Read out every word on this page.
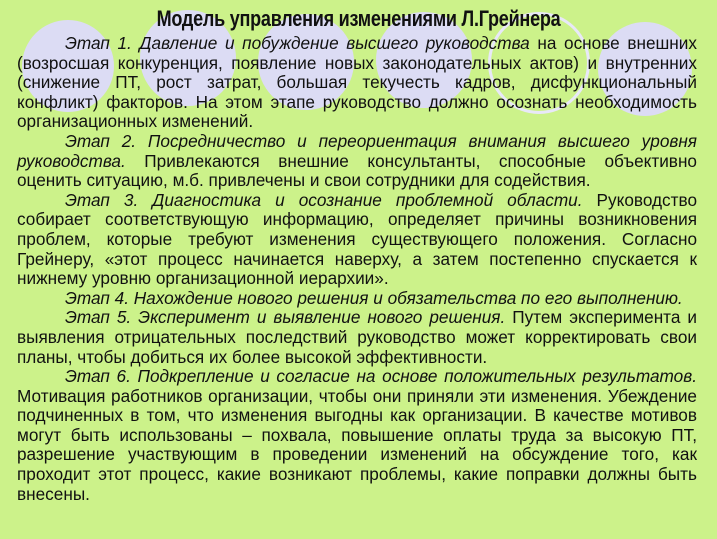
Модель управления изменениями Л.Грейнера

Этап 1. Давление и побуждение высшего руководства на основе внешних (возросшая конкуренция, появление новых законодательных актов) и внутренних (снижение ПТ, рост затрат, большая текучесть кадров, дисфункциональный конфликт) факторов. На этом этапе руководство должно осознать необходимость организационных изменений.

Этап 2. Посредничество и переориентация внимания высшего уровня руководства. Привлекаются внешние консультанты, способные объективно оценить ситуацию, м.б. привлечены и свои сотрудники для содействия.

Этап 3. Диагностика и осознание проблемной области. Руководство собирает соответствующую информацию, определяет причины возникновения проблем, которые требуют изменения существующего положения. Согласно Грейнеру, «этот процесс начинается наверху, а затем постепенно спускается к нижнему уровню организационной иерархии».

Этап 4. Нахождение нового решения и обязательства по его выполнению.

Этап 5. Эксперимент и выявление нового решения. Путем эксперимента и выявления отрицательных последствий руководство может корректировать свои планы, чтобы добиться их более высокой эффективности.

Этап 6. Подкрепление и согласие на основе положительных результатов. Мотивация работников организации, чтобы они приняли эти изменения. Убеждение подчиненных в том, что изменения выгодны как организации. В качестве мотивов могут быть использованы – похвала, повышение оплаты труда за высокую ПТ, разрешение участвующим в проведении изменений на обсуждение того, как проходит этот процесс, какие возникают проблемы, какие поправки должны быть внесены.
